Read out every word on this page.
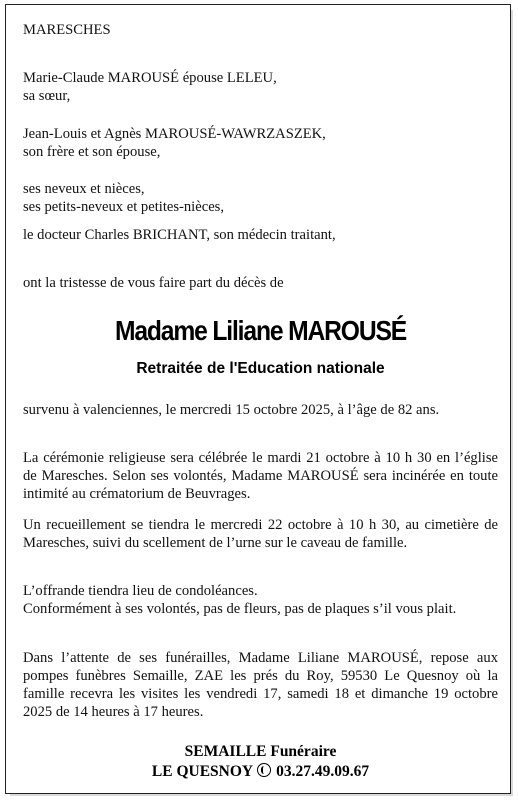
MARESCHES
Marie-Claude MAROUSÉ épouse LELEU,
sa sœur,
Jean-Louis et Agnès MAROUSÉ-WAWRZASZEK,
son frère et son épouse,
ses neveux et nièces,
ses petits-neveux et petites-nièces,
le docteur Charles BRICHANT, son médecin traitant,
ont la tristesse de vous faire part du décès de
Madame Liliane MAROUSÉ
Retraitée de l'Education nationale
survenu à valenciennes, le mercredi 15 octobre 2025, à l’âge de 82 ans.
La cérémonie religieuse sera célébrée le mardi 21 octobre à 10 h 30 en l’église de Maresches. Selon ses volontés, Madame MAROUSÉ sera incinérée en toute intimité au crématorium de Beuvrages.
Un recueillement se tiendra le mercredi 22 octobre à 10 h 30, au cimetière de Maresches, suivi du scellement de l’urne sur le caveau de famille.
L’offrande tiendra lieu de condoléances.
Conformément à ses volontés, pas de fleurs, pas de plaques s’il vous plait.
Dans l’attente de ses funérailles, Madame Liliane MAROUSÉ, repose aux pompes funèbres Semaille, ZAE les prés du Roy, 59530 Le Quesnoy où la famille recevra les visites les vendredi 17, samedi 18 et dimanche 19 octobre 2025 de 14 heures à 17 heures.
SEMAILLE Funéraire
LE QUESNOY 03.27.49.09.67
